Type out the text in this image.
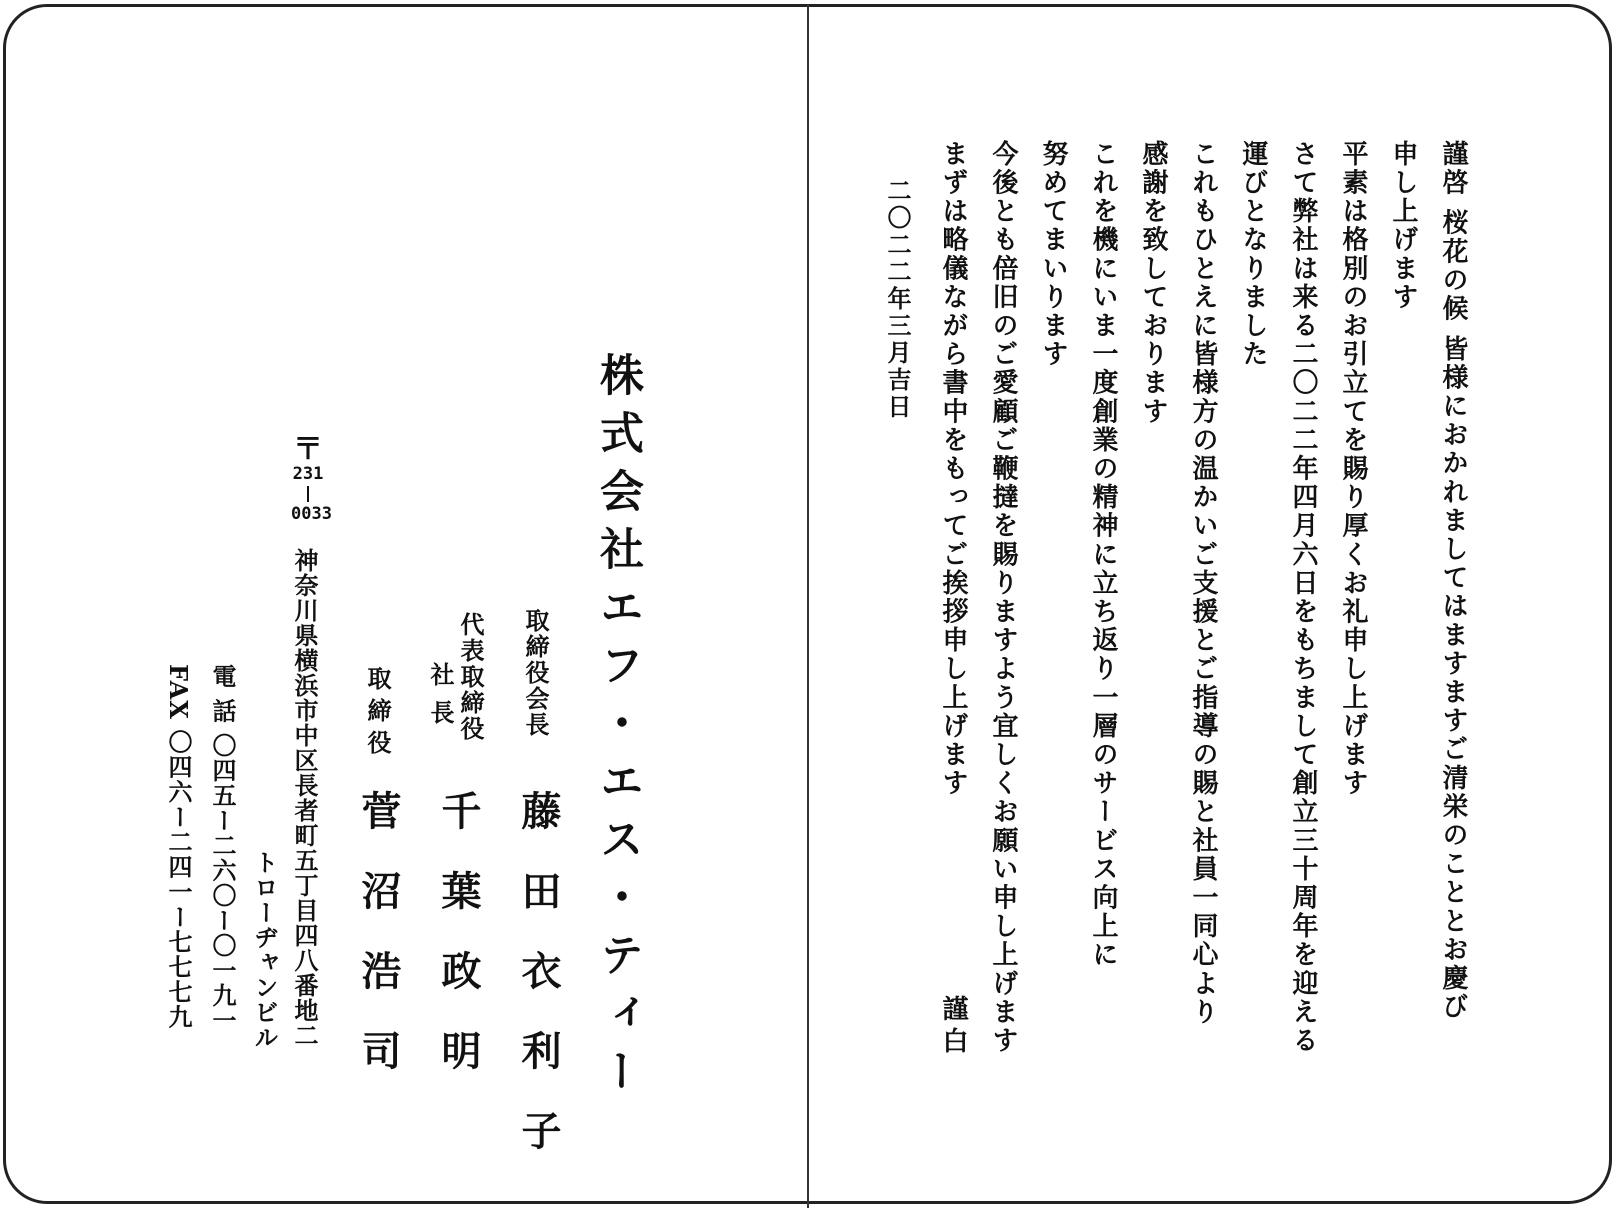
謹啓 桜花の候 皆様におかれましてはますますご清栄のこととお慶び
申し上げます
平素は格別のお引立てを賜り厚くお礼申し上げます
さて弊社は来る二〇二二年四月六日をもちまして創立三十周年を迎える
運びとなりました
これもひとえに皆様方の温かいご支援とご指導の賜と社員一同心より
感謝を致しております
これを機にいま一度創業の精神に立ち返り一層のサービス向上に
努めてまいります
今後とも倍旧のご愛顧ご鞭撻を賜りますよう宜しくお願い申し上げます
まずは略儀ながら書中をもってご挨拶申し上げます
謹白
二〇二二年三月吉日
株式会社エフ・エス・ティー
取締役会長
藤田衣利子
代表取締役
社長
千葉政明
取締役
菅沼浩司
〒
231
0033
神奈川県横浜市中区長者町五丁目四八番地二
トローヂャンビル
電 話 〇四五ー二六〇ー〇一九一
FAX 〇四六ー二四一ー七七七九
